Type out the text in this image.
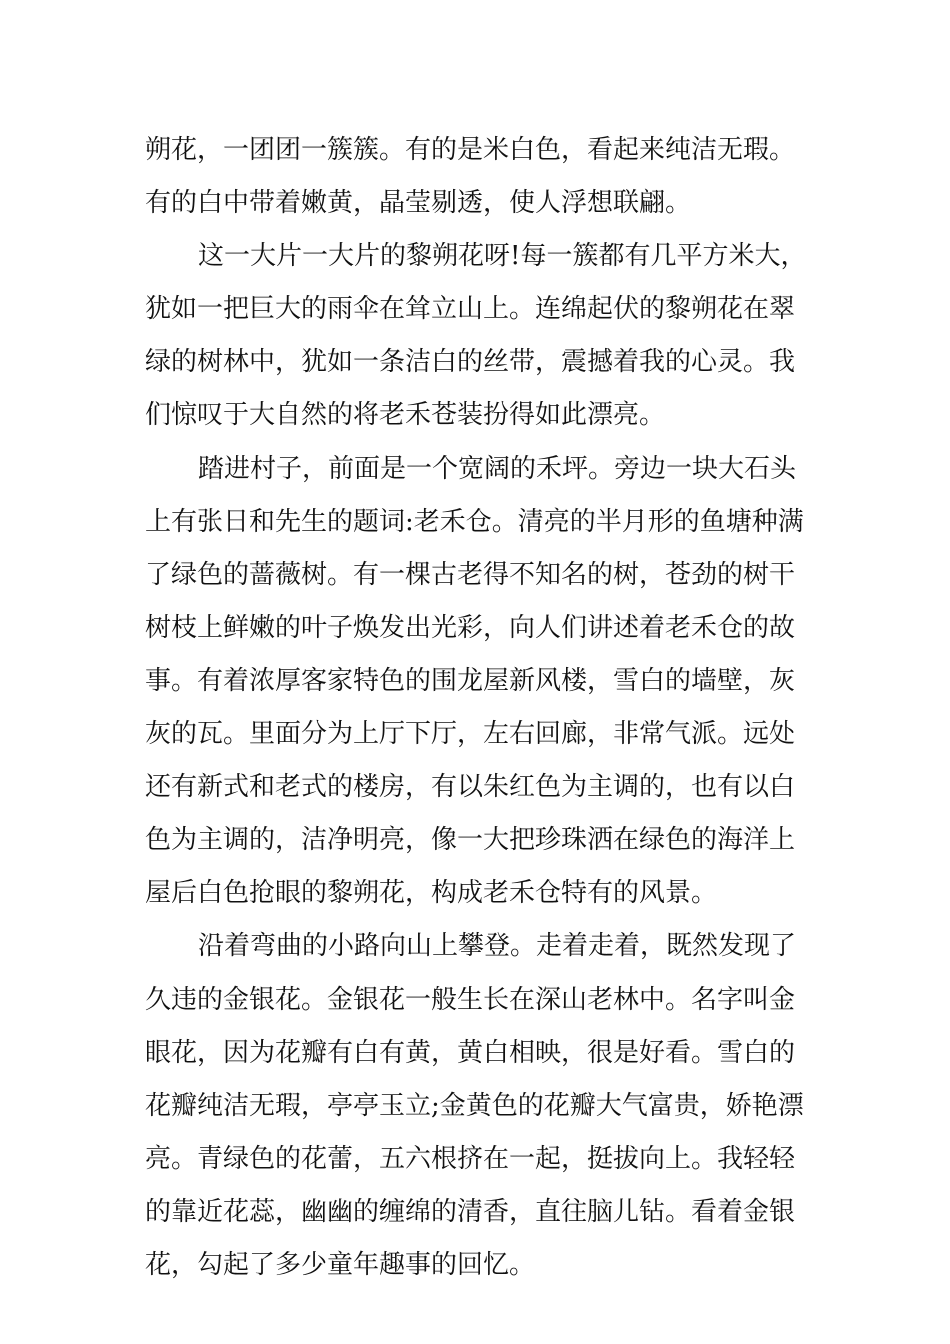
朔花，一团团一簇簇。有的是米白色，看起来纯洁无瑕。
有的白中带着嫩黄，晶莹剔透，使人浮想联翩。
这一大片一大片的黎朔花呀!每一簇都有几平方米大，
犹如一把巨大的雨伞在耸立山上。连绵起伏的黎朔花在翠
绿的树林中，犹如一条洁白的丝带，震撼着我的心灵。我
们惊叹于大自然的将老禾苍装扮得如此漂亮。
踏进村子，前面是一个宽阔的禾坪。旁边一块大石头
上有张日和先生的题词:老禾仓。清亮的半月形的鱼塘种满
了绿色的蔷薇树。有一棵古老得不知名的树，苍劲的树干
树枝上鲜嫩的叶子焕发出光彩，向人们讲述着老禾仓的故
事。有着浓厚客家特色的围龙屋新风楼，雪白的墙壁，灰
灰的瓦。里面分为上厅下厅，左右回廊，非常气派。远处
还有新式和老式的楼房，有以朱红色为主调的，也有以白
色为主调的，洁净明亮，像一大把珍珠洒在绿色的海洋上
屋后白色抢眼的黎朔花，构成老禾仓特有的风景。
沿着弯曲的小路向山上攀登。走着走着，既然发现了
久违的金银花。金银花一般生长在深山老林中。名字叫金
眼花，因为花瓣有白有黄，黄白相映，很是好看。雪白的
花瓣纯洁无瑕，亭亭玉立;金黄色的花瓣大气富贵，娇艳漂
亮。青绿色的花蕾，五六根挤在一起，挺拔向上。我轻轻
的靠近花蕊，幽幽的缠绵的清香，直往脑儿钻。看着金银
花，勾起了多少童年趣事的回忆。
